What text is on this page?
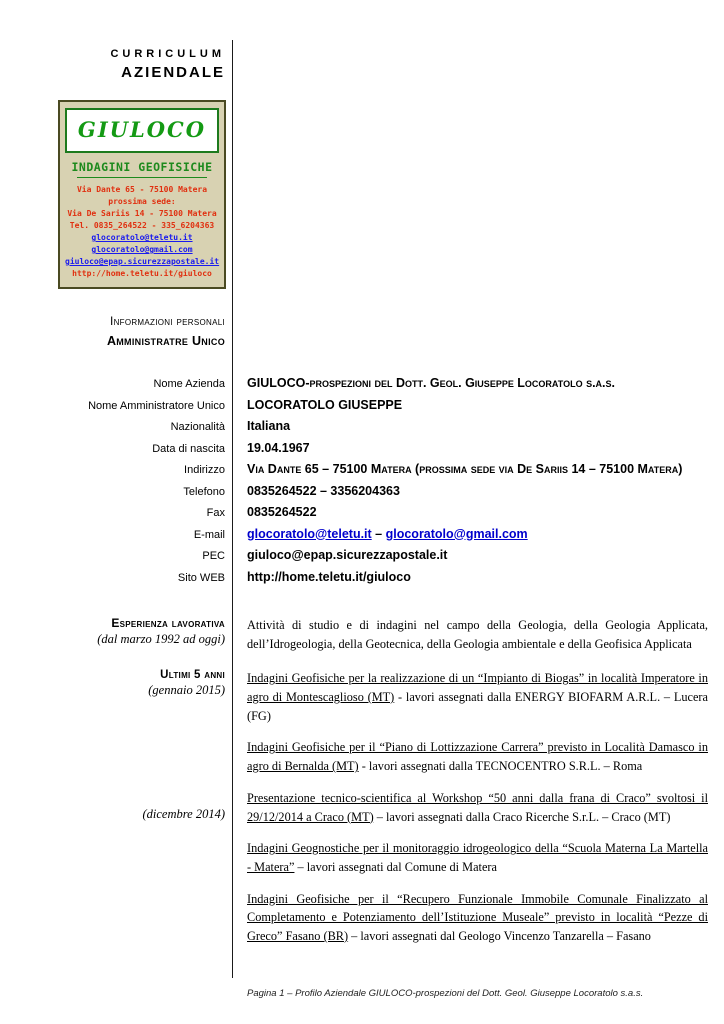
CURRICULUM
AZIENDALE
GIULOCO
INDAGINI GEOFISICHE
Via Dante 65 - 75100 Matera
prossima sede:
Via De Sariis 14 - 75100 Matera
Tel. 0835_264522 - 335_6204363
glocoratolo@teletu.it
glocoratolo@gmail.com
giuloco@epap.sicurezzapostale.it
http://home.teletu.it/giuloco
Informazioni personali
Amministratre Unico
Nome Azienda GIULOCO-prospezioni del Dott. Geol. Giuseppe Locoratolo s.a.s.
Nome Amministratore Unico LOCORATOLO GIUSEPPE
Nazionalità Italiana
Data di nascita 19.04.1967
Indirizzo Via Dante 65 – 75100 Matera (prossima sede via De Sariis 14 – 75100 Matera)
Telefono 0835264522 – 3356204363
Fax 0835264522
E-mail glocoratolo@teletu.it – glocoratolo@gmail.com
PEC giuloco@epap.sicurezzapostale.it
Sito WEB http://home.teletu.it/giuloco
Esperienza lavorativa
(dal marzo 1992 ad oggi)

Attività di studio e di indagini nel campo della Geologia, della Geologia Applicata, dell’Idrogeologia, della Geotecnica, della Geologia ambientale e della Geofisica Applicata

Ultimi 5 anni
(gennaio 2015)

Indagini Geofisiche per la realizzazione di un “Impianto di Biogas” in località Imperatore in agro di Montescaglioso (MT) - lavori assegnati dalla ENERGY BIOFARM A.R.L. – Lucera (FG)

Indagini Geofisiche per il “Piano di Lottizzazione Carrera” previsto in Località Damasco in agro di Bernalda (MT) - lavori assegnati dalla TECNOCENTRO S.R.L. – Roma

(dicembre 2014)

Presentazione tecnico-scientifica al Workshop “50 anni dalla frana di Craco” svoltosi il 29/12/2014 a Craco (MT) – lavori assegnati dalla Craco Ricerche S.r.L. – Craco (MT)

Indagini Geognostiche per il monitoraggio idrogeologico della “Scuola Materna La Martella - Matera” – lavori assegnati dal Comune di Matera

Indagini Geofisiche per il “Recupero Funzionale Immobile Comunale Finalizzato al Completamento e Potenziamento dell’Istituzione Museale” previsto in località “Pezze di Greco” Fasano (BR) – lavori assegnati dal Geologo Vincenzo Tanzarella – Fasano

Pagina 1 – Profilo Aziendale GIULOCO-prospezioni del Dott. Geol. Giuseppe Locoratolo s.a.s.
